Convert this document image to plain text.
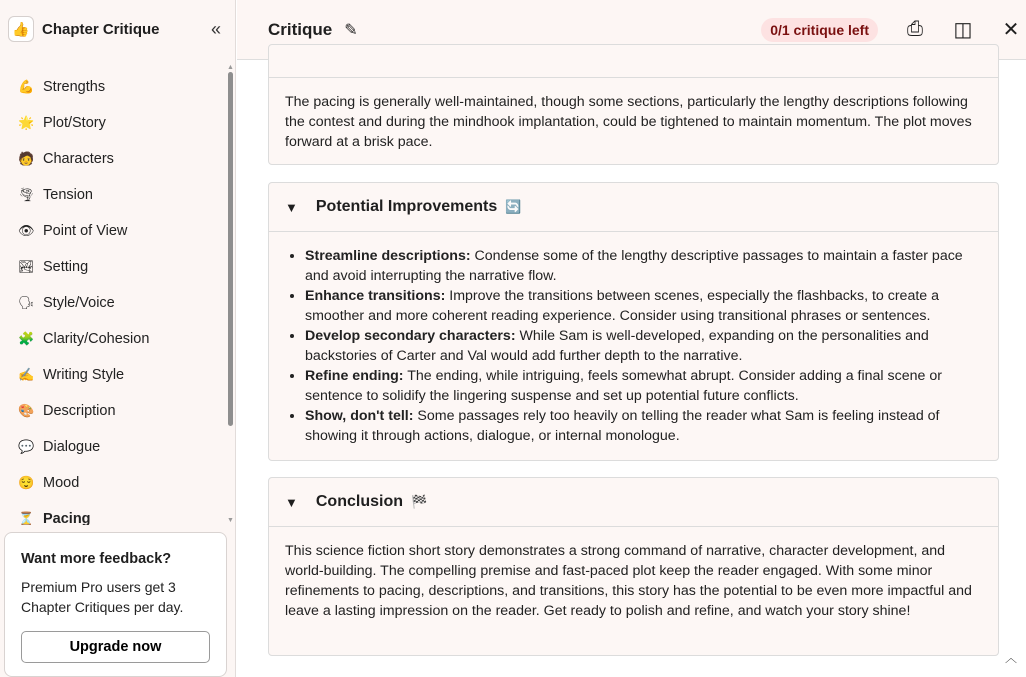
👍 Chapter Critique	«
💪 Strengths
🌟 Plot/Story
🧑 Characters
🌪 Tension
👁 Point of View
🏞 Setting
🗣 Style/Voice
🧩 Clarity/Cohesion
✍ Writing Style
🎨 Description
💬 Dialogue
😌 Mood
⏳ Pacing
▲
▼
Want more feedback?

Premium Pro users get 3 Chapter Critiques per day.

Upgrade now
Critique ✎	0/1 critique left	⎙ ◫ ✕
The pacing is generally well-maintained, though some sections, particularly the lengthy descriptions following the contest and during the mindhook implantation, could be tightened to maintain momentum. The plot moves forward at a brisk pace.
▼ Potential Improvements 🔄
• Streamline descriptions: Condense some of the lengthy descriptive passages to maintain a faster pace and avoid interrupting the narrative flow.
• Enhance transitions: Improve the transitions between scenes, especially the flashbacks, to create a smoother and more coherent reading experience. Consider using transitional phrases or sentences.
• Develop secondary characters: While Sam is well-developed, expanding on the personalities and backstories of Carter and Val would add further depth to the narrative.
• Refine ending: The ending, while intriguing, feels somewhat abrupt. Consider adding a final scene or sentence to solidify the lingering suspense and set up potential future conflicts.
• Show, don't tell: Some passages rely too heavily on telling the reader what Sam is feeling instead of showing it through actions, dialogue, or internal monologue.
▼ Conclusion 🏁
This science fiction short story demonstrates a strong command of narrative, character development, and world-building. The compelling premise and fast-paced plot keep the reader engaged. With some minor refinements to pacing, descriptions, and transitions, this story has the potential to be even more impactful and leave a lasting impression on the reader. Get ready to polish and refine, and watch your story shine!
︿
